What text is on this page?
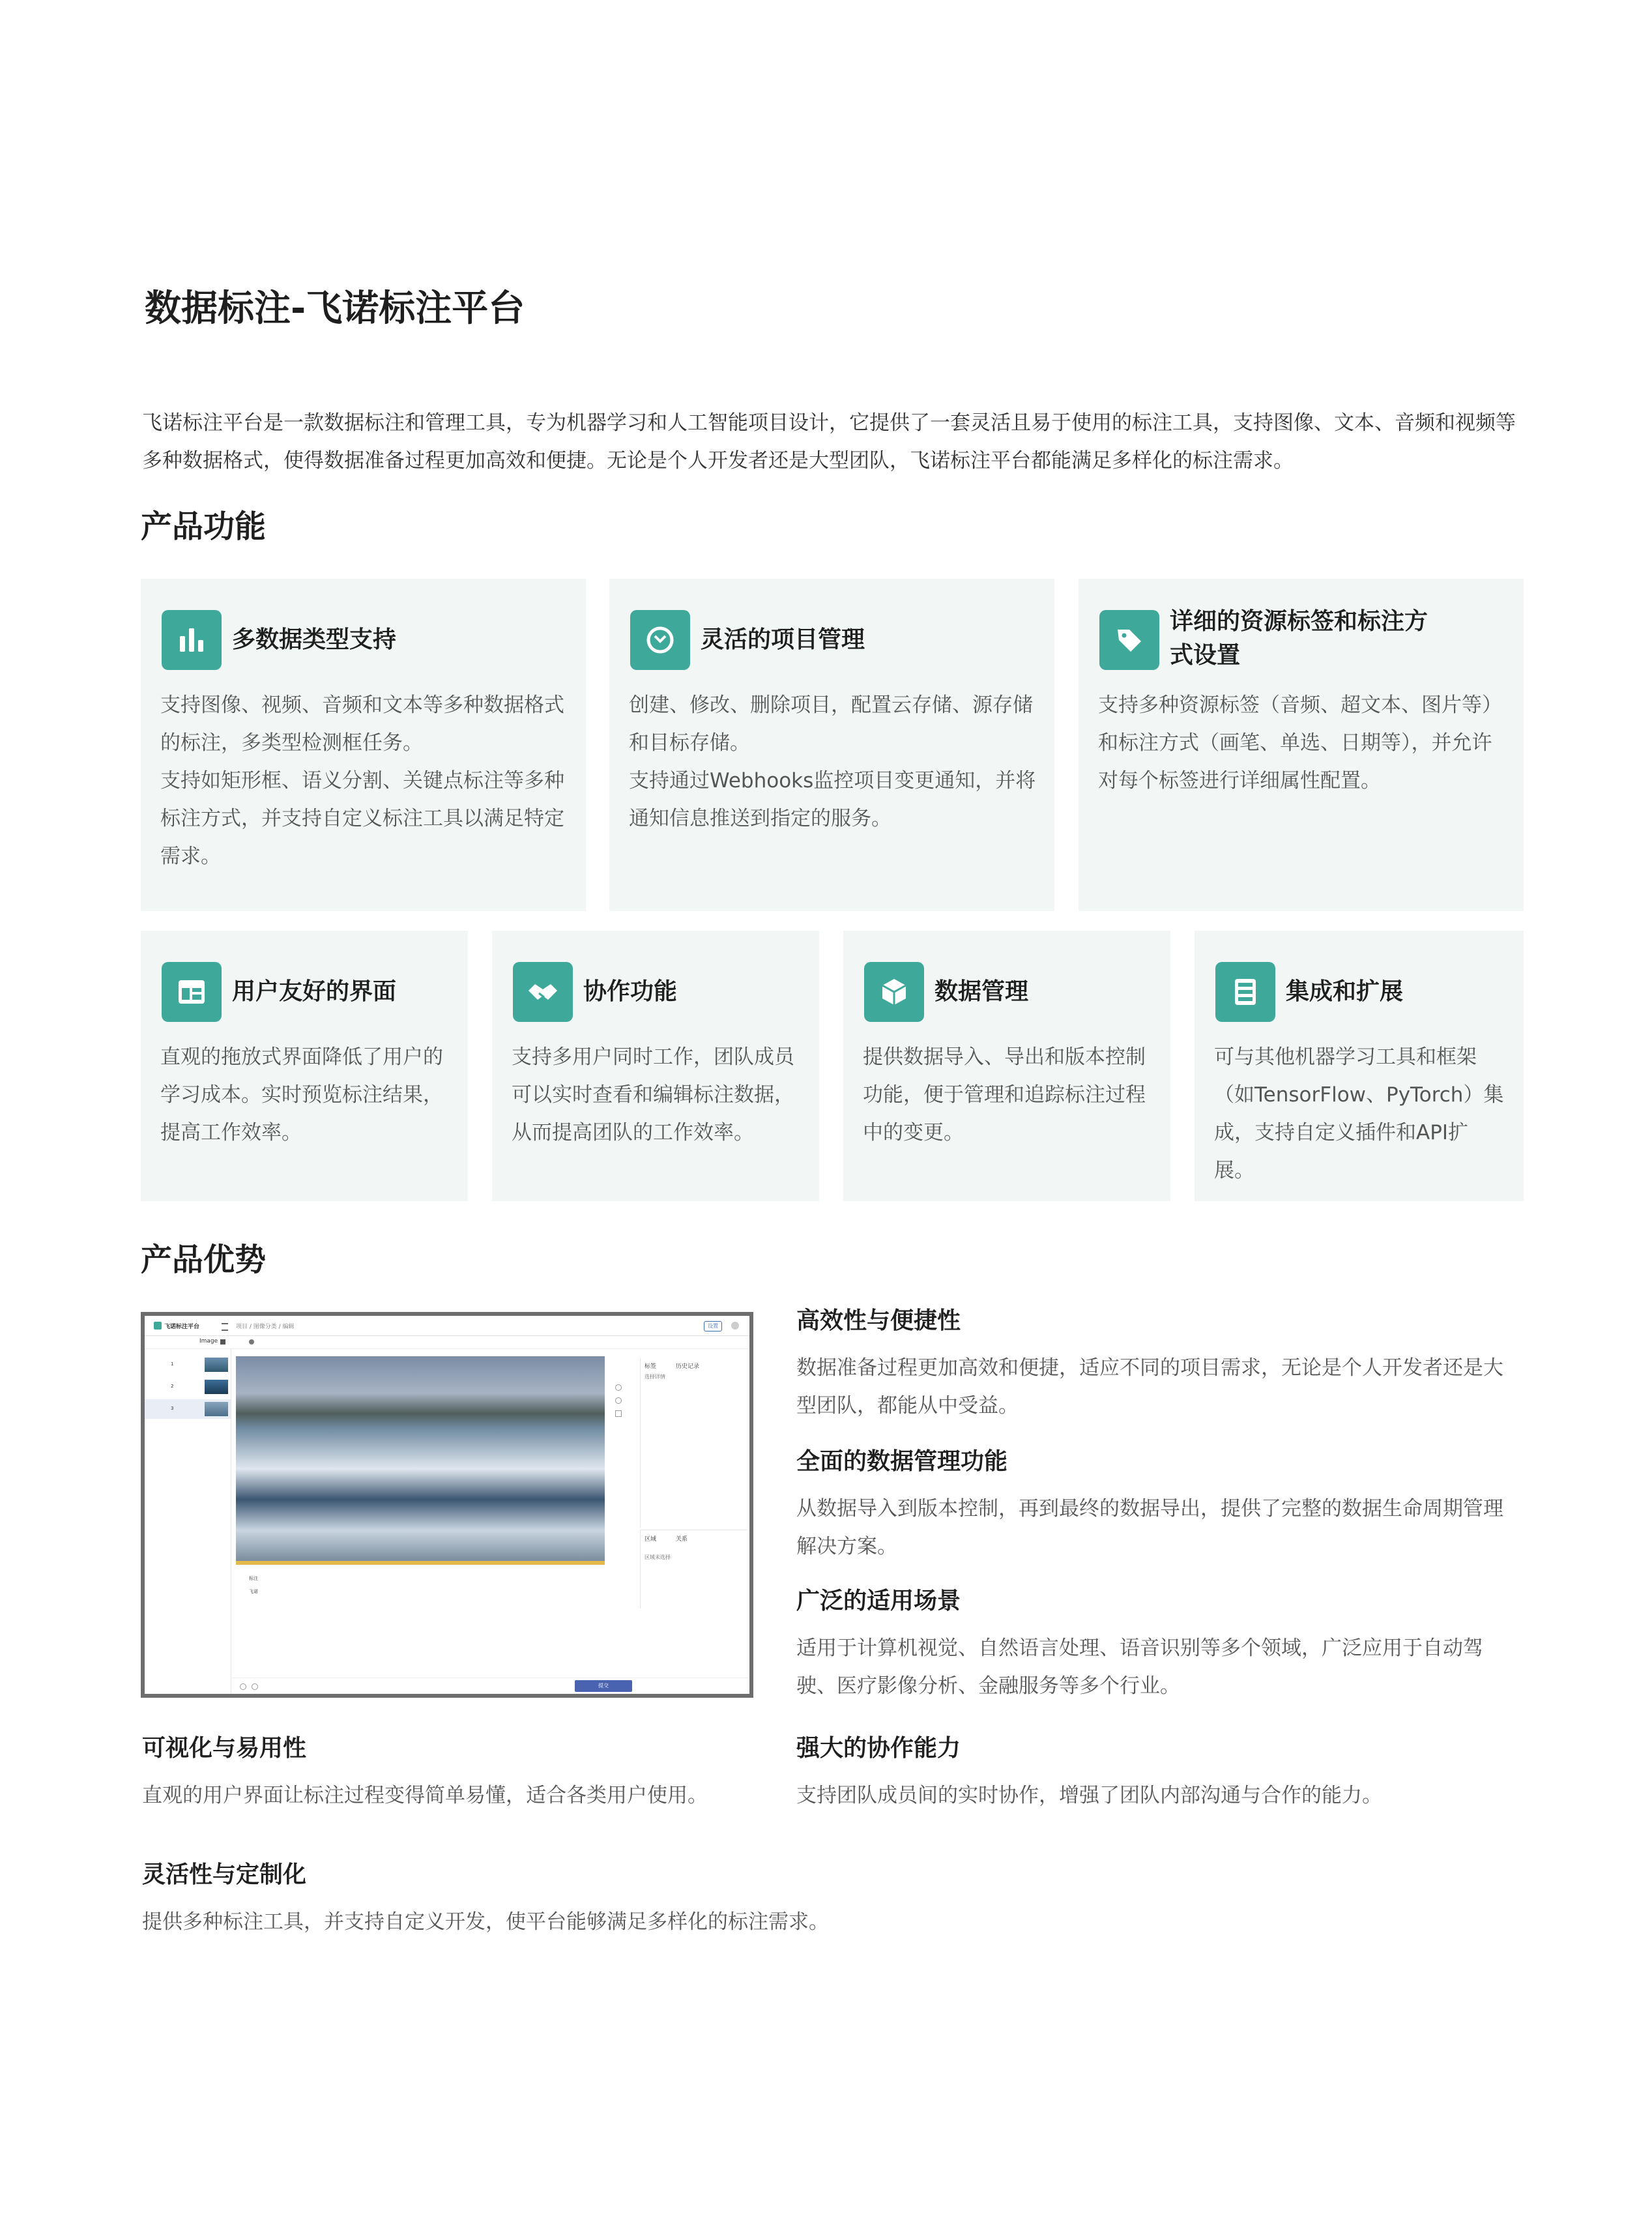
数据标注-飞诺标注平台

飞诺标注平台是一款数据标注和管理工具，专为机器学习和人工智能项目设计，它提供了一套灵活且易于使用的标注工具，支持图像、文本、音频和视频等多种数据格式，使得数据准备过程更加高效和便捷。无论是个人开发者还是大型团队，飞诺标注平台都能满足多样化的标注需求。

产品功能
多数据类型支持

支持图像、视频、音频和文本等多种数据格式的标注，多类型检测框任务。

支持如矩形框、语义分割、关键点标注等多种标注方式，并支持自定义标注工具以满足特定需求。

灵活的项目管理

创建、修改、删除项目，配置云存储、源存储和目标存储。

支持通过Webhooks监控项目变更通知，并将通知信息推送到指定的服务。

详细的资源标签和标注方式设置

支持多种资源标签（音频、超文本、图片等）和标注方式（画笔、单选、日期等），并允许对每个标签进行详细属性配置。

用户友好的界面

直观的拖放式界面降低了用户的学习成本。实时预览标注结果，提高工作效率。

协作功能

支持多用户同时工作，团队成员可以实时查看和编辑标注数据，从而提高团队的工作效率。

数据管理

提供数据导入、导出和版本控制功能，便于管理和追踪标注过程中的变更。

集成和扩展

可与其他机器学习工具和框架（如TensorFlow、PyTorch）集成，支持自定义插件和API扩展。

产品优势
飞诺标注平台	项目 / 图像分类 / 编辑	设置
Image
1
2
3
标签	历史记录
选择详情
区域	关系
区域未选择
标注
飞诺
提交
高效性与便捷性

数据准备过程更加高效和便捷，适应不同的项目需求，无论是个人开发者还是大型团队，都能从中受益。

全面的数据管理功能

从数据导入到版本控制，再到最终的数据导出，提供了完整的数据生命周期管理解决方案。

广泛的适用场景

适用于计算机视觉、自然语言处理、语音识别等多个领域，广泛应用于自动驾驶、医疗影像分析、金融服务等多个行业。

强大的协作能力

支持团队成员间的实时协作，增强了团队内部沟通与合作的能力。

可视化与易用性

直观的用户界面让标注过程变得简单易懂，适合各类用户使用。

灵活性与定制化

提供多种标注工具，并支持自定义开发，使平台能够满足多样化的标注需求。
